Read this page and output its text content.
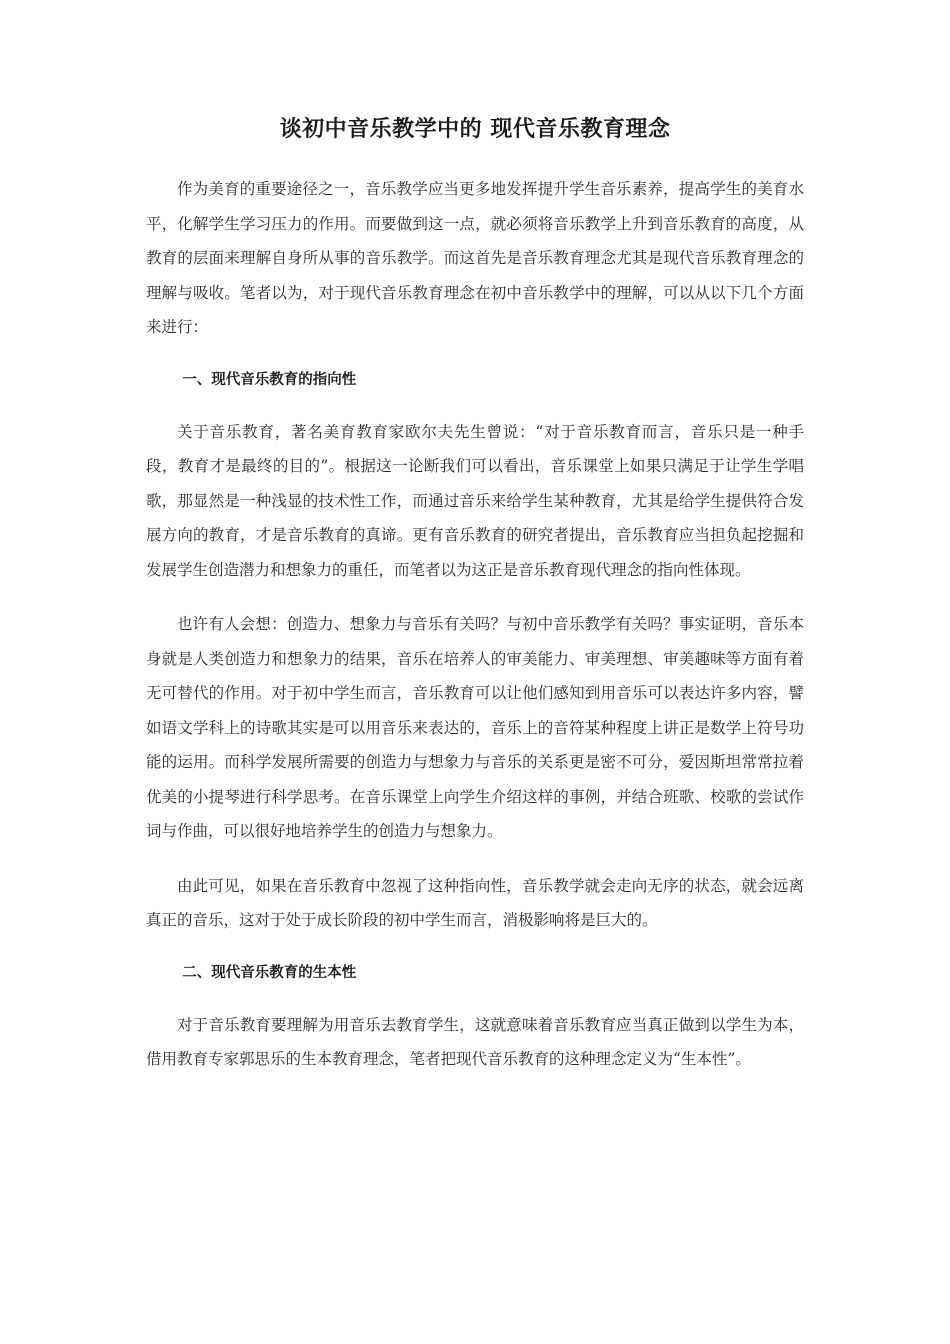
谈初中音乐教学中的 现代音乐教育理念

作为美育的重要途径之一，音乐教学应当更多地发挥提升学生音乐素养，提高学生的美育水平，化解学生学习压力的作用。而要做到这一点，就必须将音乐教学上升到音乐教育的高度，从教育的层面来理解自身所从事的音乐教学。而这首先是音乐教育理念尤其是现代音乐教育理念的理解与吸收。笔者以为，对于现代音乐教育理念在初中音乐教学中的理解，可以从以下几个方面来进行：

一、现代音乐教育的指向性

关于音乐教育，著名美育教育家欧尔夫先生曾说：“对于音乐教育而言，音乐只是一种手段，教育才是最终的目的”。根据这一论断我们可以看出，音乐课堂上如果只满足于让学生学唱歌，那显然是一种浅显的技术性工作，而通过音乐来给学生某种教育，尤其是给学生提供符合发展方向的教育，才是音乐教育的真谛。更有音乐教育的研究者提出，音乐教育应当担负起挖掘和发展学生创造潜力和想象力的重任，而笔者以为这正是音乐教育现代理念的指向性体现。

也许有人会想：创造力、想象力与音乐有关吗？与初中音乐教学有关吗？事实证明，音乐本身就是人类创造力和想象力的结果，音乐在培养人的审美能力、审美理想、审美趣味等方面有着无可替代的作用。对于初中学生而言，音乐教育可以让他们感知到用音乐可以表达许多内容，譬如语文学科上的诗歌其实是可以用音乐来表达的，音乐上的音符某种程度上讲正是数学上符号功能的运用。而科学发展所需要的创造力与想象力与音乐的关系更是密不可分，爱因斯坦常常拉着优美的小提琴进行科学思考。在音乐课堂上向学生介绍这样的事例，并结合班歌、校歌的尝试作词与作曲，可以很好地培养学生的创造力与想象力。

由此可见，如果在音乐教育中忽视了这种指向性，音乐教学就会走向无序的状态，就会远离真正的音乐，这对于处于成长阶段的初中学生而言，消极影响将是巨大的。

二、现代音乐教育的生本性

对于音乐教育要理解为用音乐去教育学生，这就意味着音乐教育应当真正做到以学生为本，借用教育专家郭思乐的生本教育理念，笔者把现代音乐教育的这种理念定义为“生本性”。
